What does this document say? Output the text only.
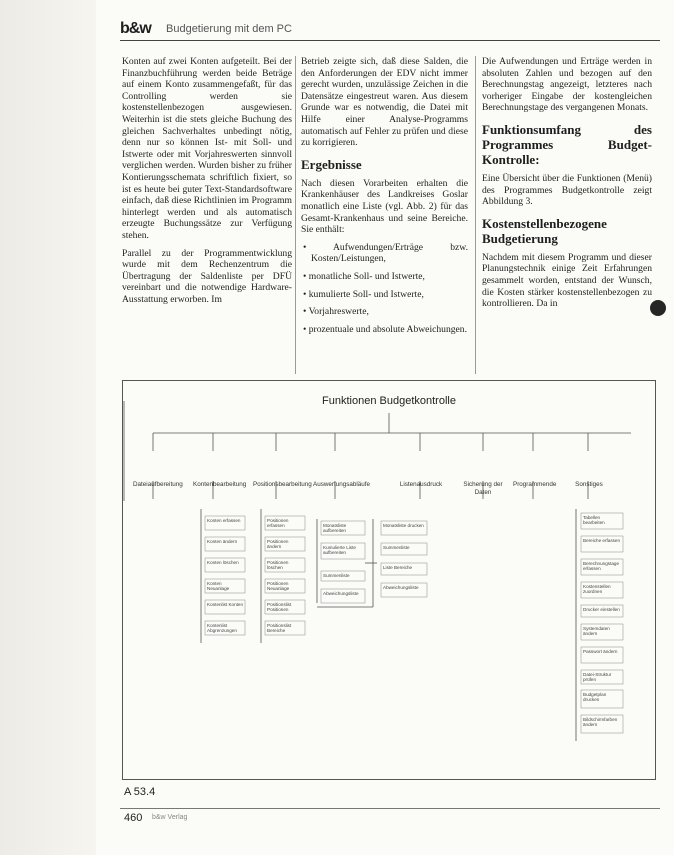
b&w Budgetierung mit dem PC

Konten auf zwei Konten aufgeteilt. Bei der Finanzbuchführung werden beide Beträge auf einem Konto zusammengefaßt, für das Controlling werden sie kostenstellenbezogen ausgewiesen. Weiterhin ist die stets gleiche Buchung des gleichen Sachverhaltes unbedingt nötig, denn nur so können Ist- mit Soll- und Istwerte oder mit Vorjahreswerten sinnvoll verglichen werden. Wurden bisher zu früher Kontierungsschemata schriftlich fixiert, so ist es heute bei guter Text-Standardsoftware einfach, daß diese Richtlinien im Programm hinterlegt werden und als automatisch erzeugte Buchungssätze zur Verfügung stehen.

Parallel zu der Programmentwicklung wurde mit dem Rechenzentrum die Übertragung der Saldenliste per DFÜ vereinbart und die notwendige Hardware-Ausstattung erworben. Im

Betrieb zeigte sich, daß diese Salden, die den Anforderungen der EDV nicht immer gerecht wurden, unzulässige Zeichen in die Datensätze eingestreut waren. Aus diesem Grunde war es notwendig, die Datei mit Hilfe einer Analyse-Programms automatisch auf Fehler zu prüfen und diese zu korrigieren.

Ergebnisse

Nach diesen Vorarbeiten erhalten die Krankenhäuser des Landkreises Goslar monatlich eine Liste (vgl. Abb. 2) für das Gesamt-Krankenhaus und seine Bereiche. Sie enthält:

• Aufwendungen/Erträge bzw. Kosten/Leistungen,

• monatliche Soll- und Istwerte,

• kumulierte Soll- und Istwerte,

• Vorjahreswerte,

• prozentuale und absolute Abweichungen.

Die Aufwendungen und Erträge werden in absoluten Zahlen und bezogen auf den Berechnungstag angezeigt, letzteres nach vorheriger Eingabe der kostengleichen Berechnungstage des vergangenen Monats.

Funktionsumfang des Programmes Budget-Kontrolle:

Eine Übersicht über die Funktionen (Menü) des Programmes Budgetkontrolle zeigt Abbildung 3.

Kostenstellenbezogene Budgetierung

Nachdem mit diesem Programm und dieser Planungstechnik einige Zeit Erfahrungen gesammelt worden, entstand der Wunsch, die Kosten stärker kostenstellenbezogen zu kontrollieren. Da in

Funktionen Budgetkontrolle
Dateiaufbereitung Kontenbearbeitung Positionsbearbeitung Auswertungsabläufe	Listenausdruck	Sicherung der Daten
Programmende	Sonstiges
Konten erfassen
Konten ändern
Konten löschen
Konten Neuanlage
Kontenlist Konten
Kontenlist Abgrenzungen
Positionen erfassen
Positionen ändern
Positionen löschen
Positionen Neuanlage
Positionslist Positionen
Positionslist Bereiche
Monatsliste aufbereiten
Kumulierte Liste aufbereiten
Summenliste
Abweichungsliste
Monatsliste drucken
Summenliste
Liste Bereiche
Abweichungsliste
Tabellen bearbeiten
Bereiche erfassen
Berechnungstage erfassen
Kostenstellen zuordnen
Drucker einstellen
Systemdaten ändern
Passwort ändern
Datei-Struktur prüfen
Budgetplan drucken
Bildschirmfarben ändern
A 53.4
460 b&w Verlag
